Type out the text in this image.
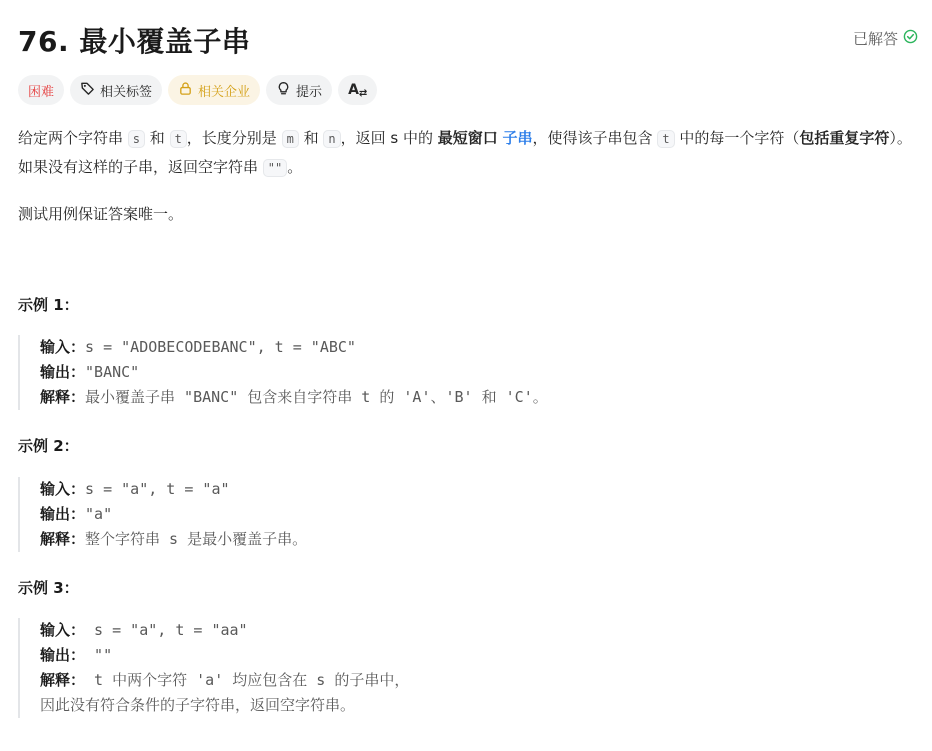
76. 最小覆盖子串	已解答
困难	相关标签	相关企业	提示 A⇄

给定两个字符串 s 和 t ，长度分别是 m 和 n ，返回 s 中的 最短窗口 子串，使得该子串包含 t 中的每一个字符（包括重复字符）。如果没有这样的子串，返回空字符串 "" 。

测试用例保证答案唯一。

示例 1：
输入：s = "ADOBECODEBANC", t = "ABC"
输出："BANC"
解释：最小覆盖子串 "BANC" 包含来自字符串 t 的 'A'、'B' 和 'C'。
示例 2：
输入：s = "a", t = "a"
输出："a"
解释：整个字符串 s 是最小覆盖子串。
示例 3：
输入： s = "a", t = "aa"
输出： ""
解释： t 中两个字符 'a' 均应包含在 s 的子串中，
因此没有符合条件的子字符串，返回空字符串。
